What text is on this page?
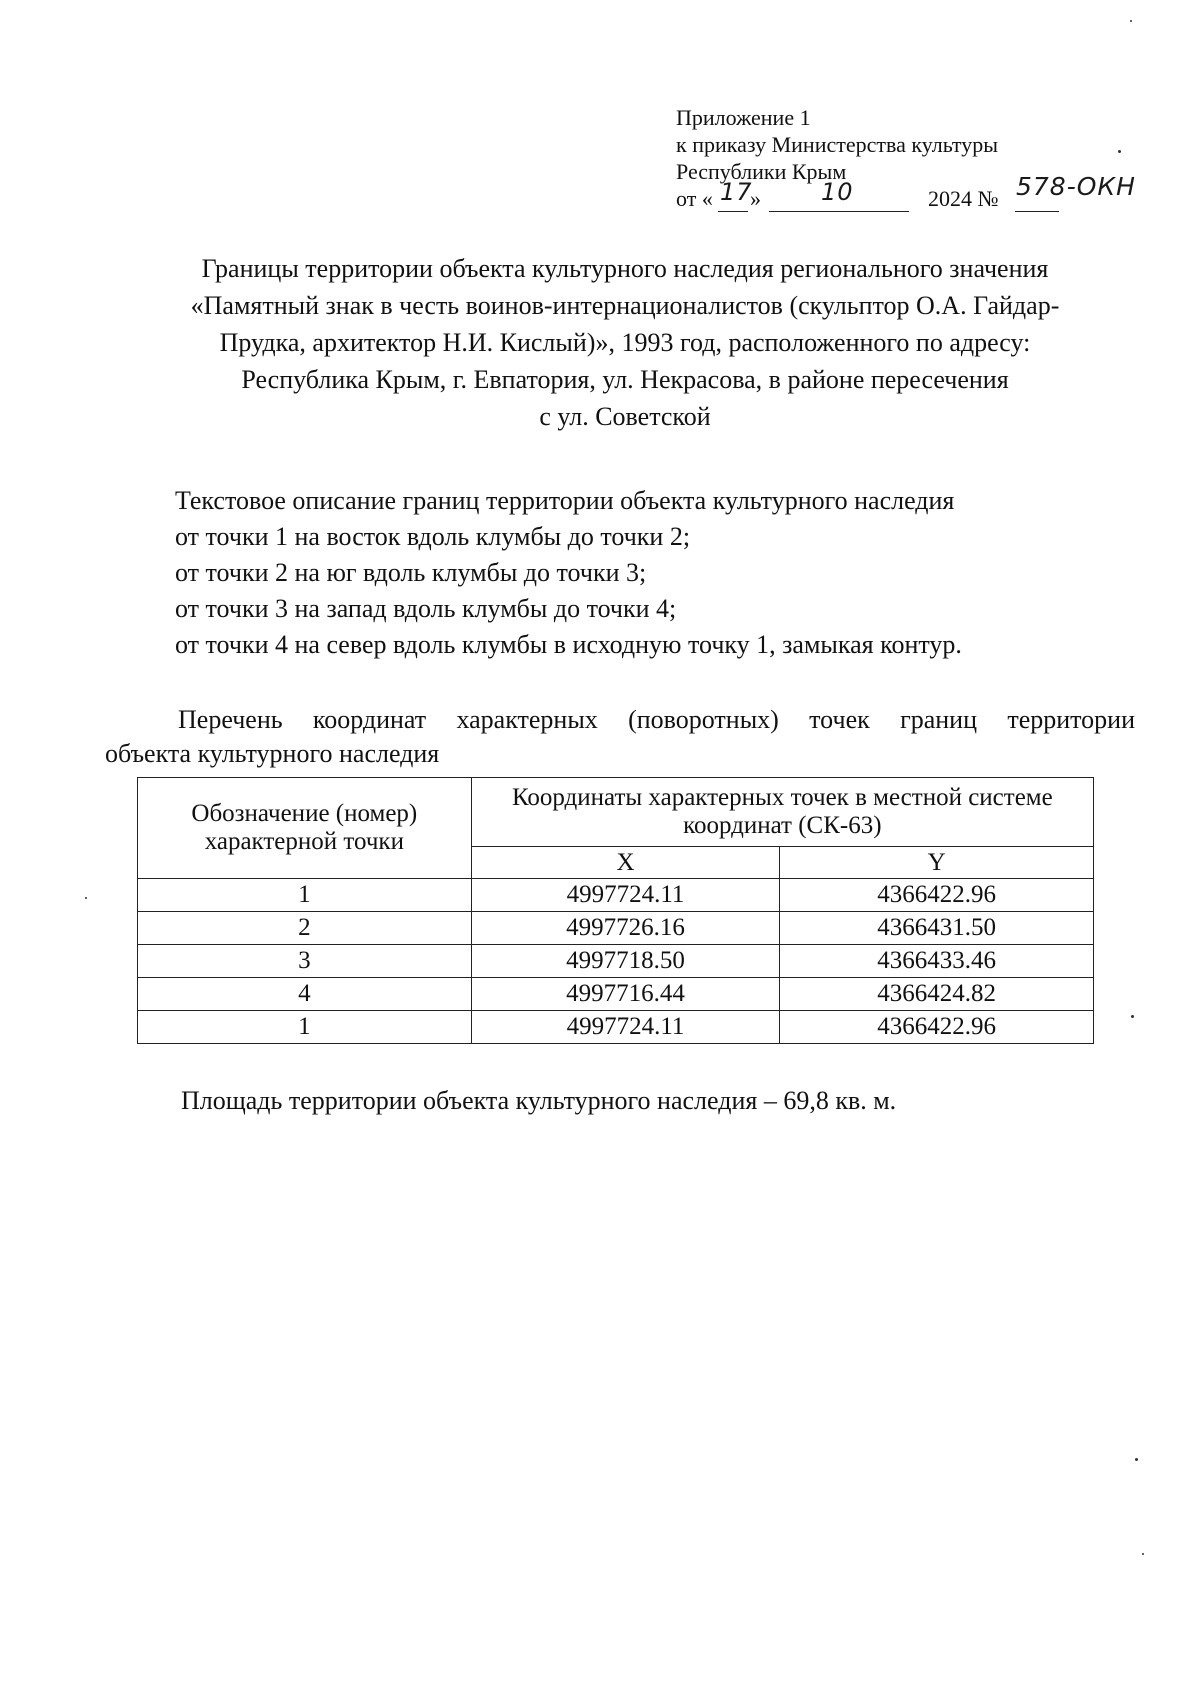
Приложение 1
к приказу Министерства культуры
Республики Крым
от « 17
»	10	2024 № 578-ОКН
Границы территории объекта культурного наследия регионального значения
«Памятный знак в честь воинов-интернационалистов (скульптор О.А. Гайдар-
Прудка, архитектор Н.И. Кислый)», 1993 год, расположенного по адресу:
Республика Крым, г. Евпатория, ул. Некрасова, в районе пересечения
с ул. Советской
Текстовое описание границ территории объекта культурного наследия
от точки 1 на восток вдоль клумбы до точки 2;
от точки 2 на юг вдоль клумбы до точки 3;
от точки 3 на запад вдоль клумбы до точки 4;
от точки 4 на север вдоль клумбы в исходную точку 1, замыкая контур.
Перечень координат характерных (поворотных) точек границ территории
объекта культурного наследия
Обозначение (номер) характерной точки	Координаты характерных точек в местной системе координат (СК-63)	
	X	Y
1	4997724.11	4366422.96
2	4997726.16	4366431.50
3	4997718.50	4366433.46
4	4997716.44	4366424.82
1	4997724.11	4366422.96
Площадь территории объекта культурного наследия – 69,8 кв. м.
